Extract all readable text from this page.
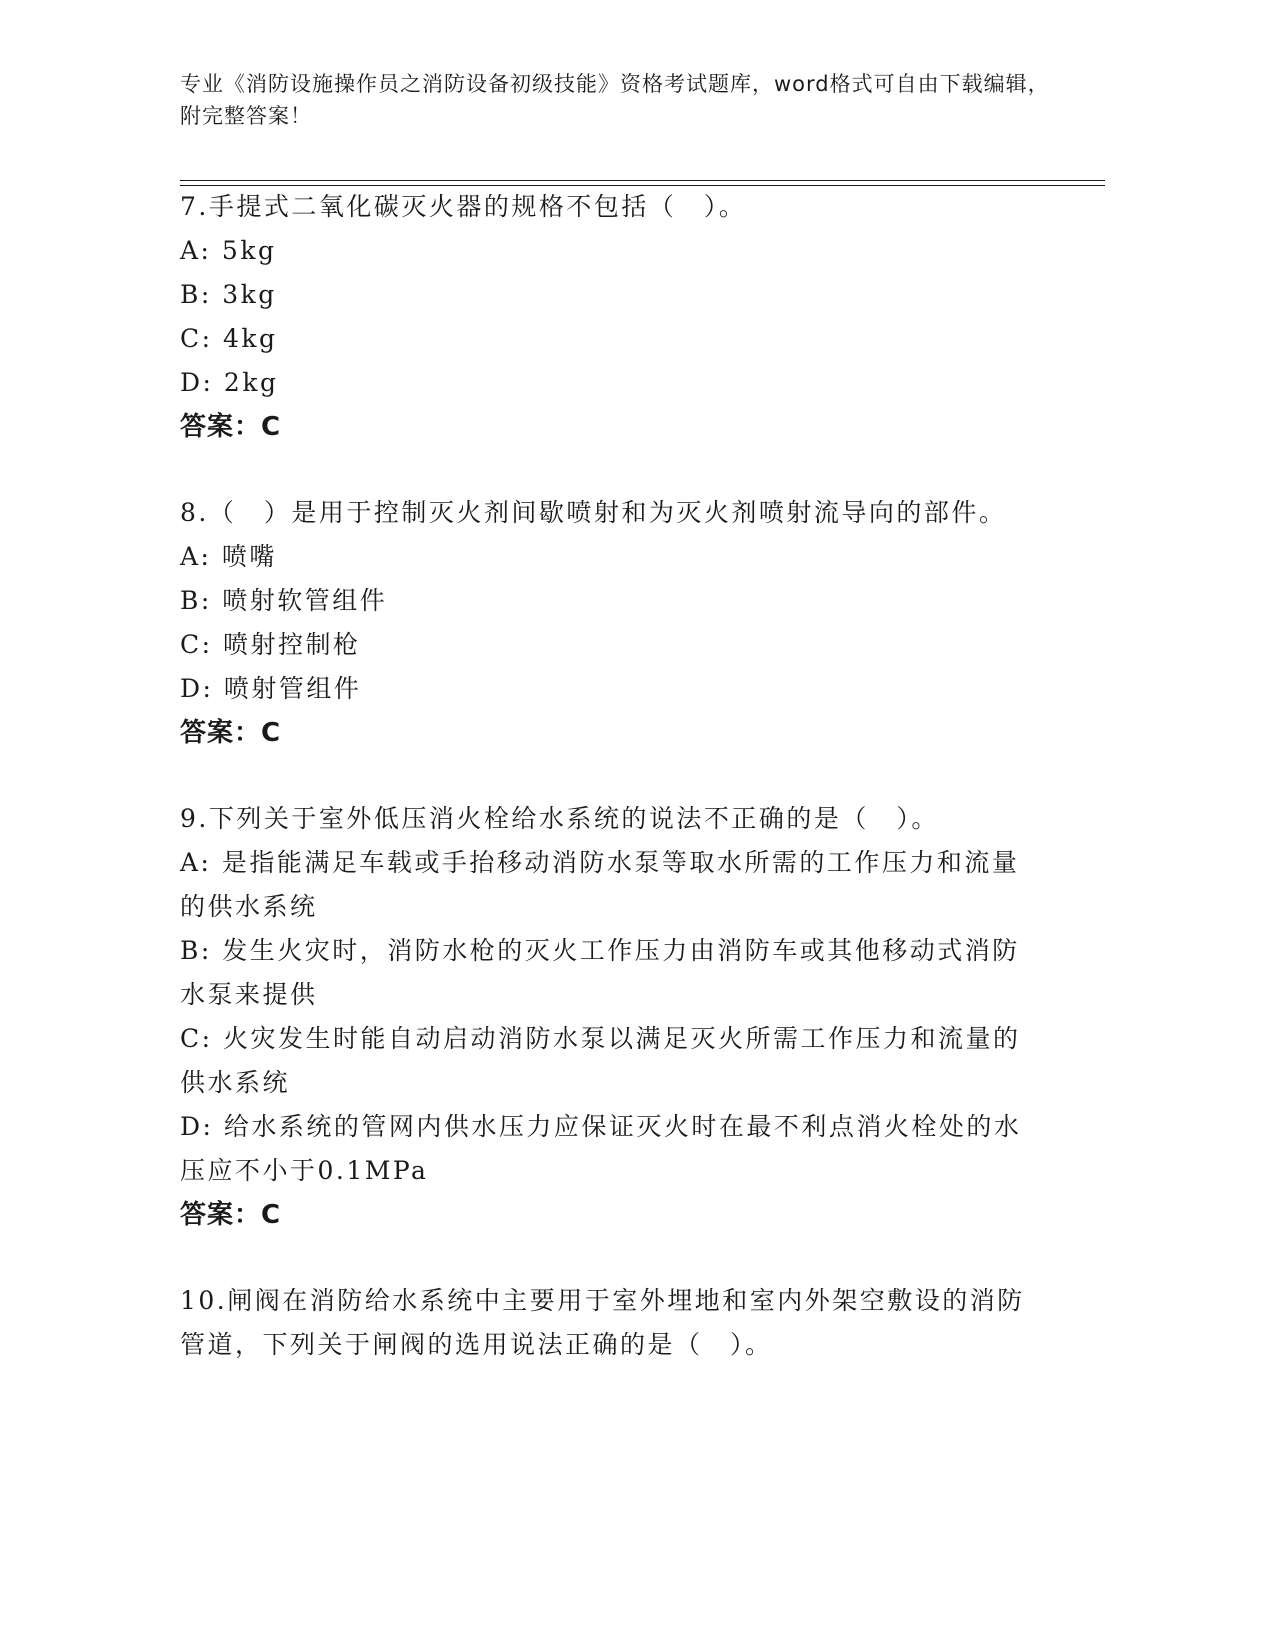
专业《消防设施操作员之消防设备初级技能》资格考试题库，word格式可自由下载编辑，附完整答案！

7.手提式二氧化碳灭火器的规格不包括（　）。

A: 5kg

B: 3kg

C: 4kg

D: 2kg

答案：C

8.（　）是用于控制灭火剂间歇喷射和为灭火剂喷射流导向的部件。

A: 喷嘴

B: 喷射软管组件

C: 喷射控制枪

D: 喷射管组件

答案：C

9.下列关于室外低压消火栓给水系统的说法不正确的是（　）。

A: 是指能满足车载或手抬移动消防水泵等取水所需的工作压力和流量的供水系统

B: 发生火灾时，消防水枪的灭火工作压力由消防车或其他移动式消防水泵来提供

C: 火灾发生时能自动启动消防水泵以满足灭火所需工作压力和流量的供水系统

D: 给水系统的管网内供水压力应保证灭火时在最不利点消火栓处的水压应不小于0.1MPa

答案：C

10.闸阀在消防给水系统中主要用于室外埋地和室内外架空敷设的消防管道，下列关于闸阀的选用说法正确的是（　）。
